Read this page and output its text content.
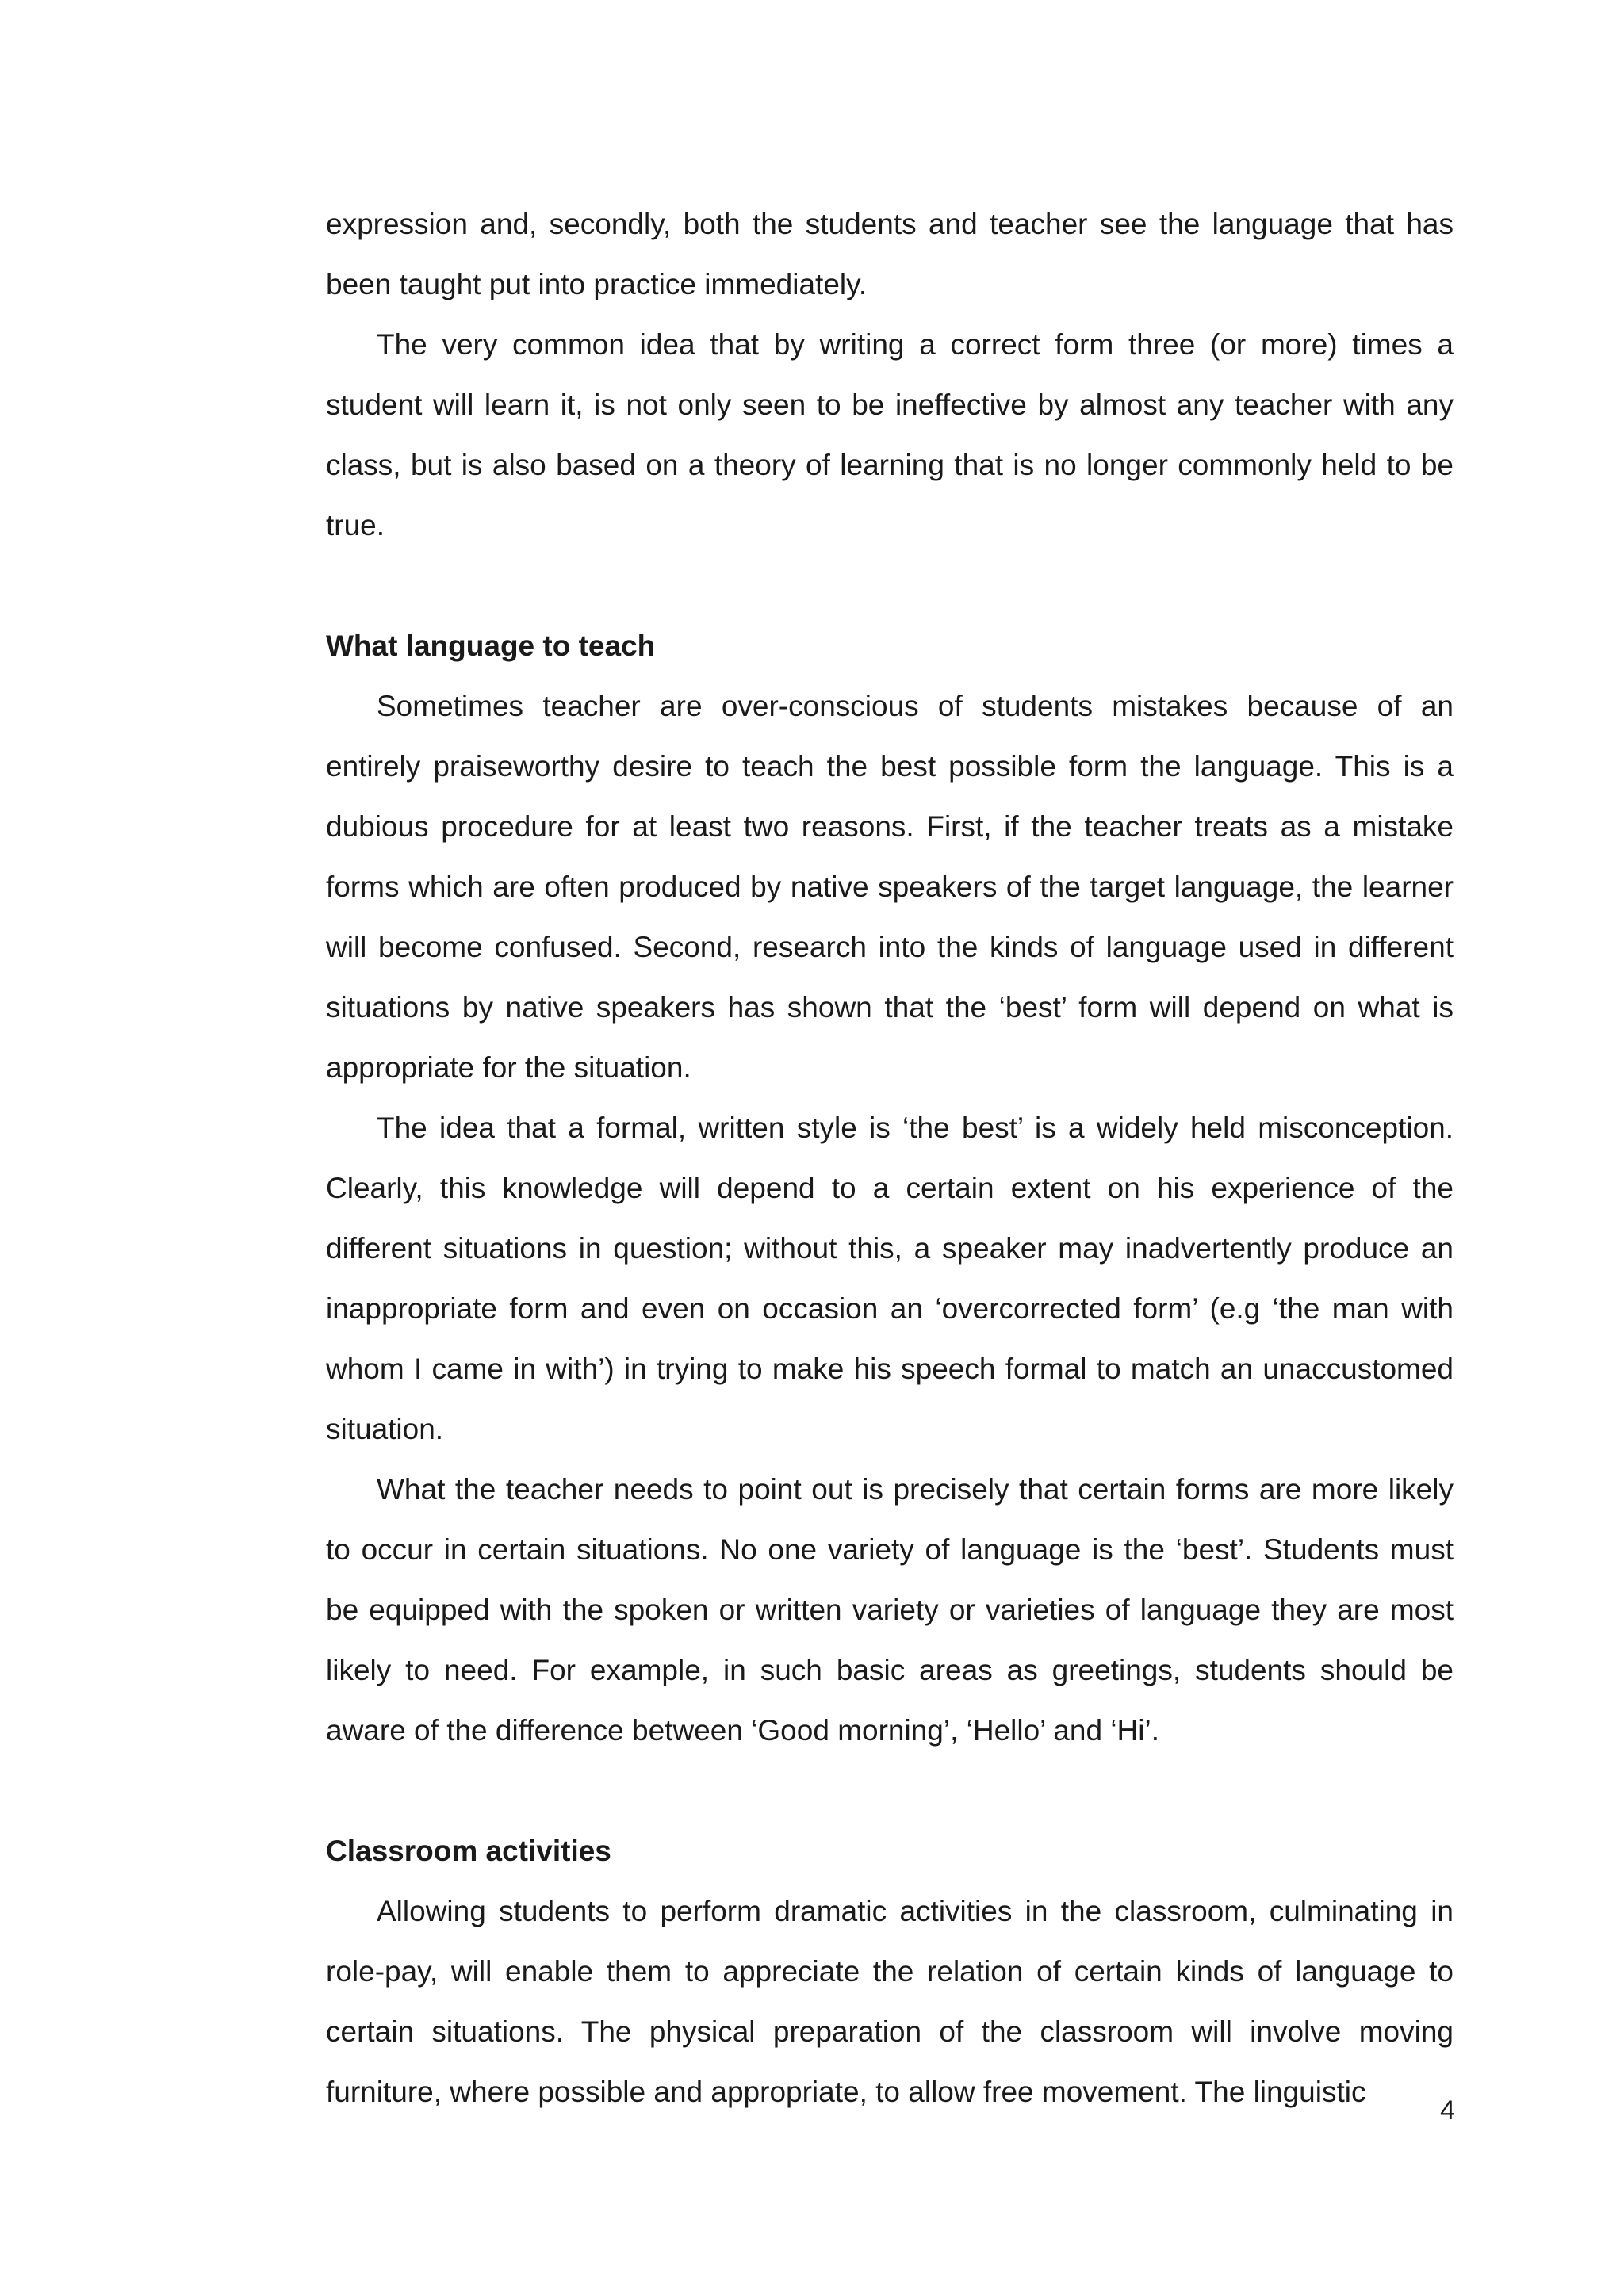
expression and, secondly, both the students and teacher see the language that has been taught put into practice immediately.

The very common idea that by writing a correct form three (or more) times a student will learn it, is not only seen to be ineffective by almost any teacher with any class, but is also based on a theory of learning that is no longer commonly held to be true.

What language to teach

Sometimes teacher are over-conscious of students mistakes because of an entirely praiseworthy desire to teach the best possible form the language. This is a dubious procedure for at least two reasons. First, if the teacher treats as a mistake forms which are often produced by native speakers of the target language, the learner will become confused. Second, research into the kinds of language used in different situations by native speakers has shown that the ‘best’ form will depend on what is appropriate for the situation.

The idea that a formal, written style is ‘the best’ is a widely held misconception. Clearly, this knowledge will depend to a certain extent on his experience of the different situations in question; without this, a speaker may inadvertently produce an inappropriate form and even on occasion an ‘overcorrected form’ (e.g ‘the man with whom I came in with’) in trying to make his speech formal to match an unaccustomed situation.

What the teacher needs to point out is precisely that certain forms are more likely to occur in certain situations. No one variety of language is the ‘best’. Students must be equipped with the spoken or written variety or varieties of language they are most likely to need. For example, in such basic areas as greetings, students should be aware of the difference between ‘Good morning’, ‘Hello’ and ‘Hi’.

Classroom activities

Allowing students to perform dramatic activities in the classroom, culminating in role-pay, will enable them to appreciate the relation of certain kinds of language to certain situations. The physical preparation of the classroom will involve moving furniture, where possible and appropriate, to allow free movement. The linguistic

4
